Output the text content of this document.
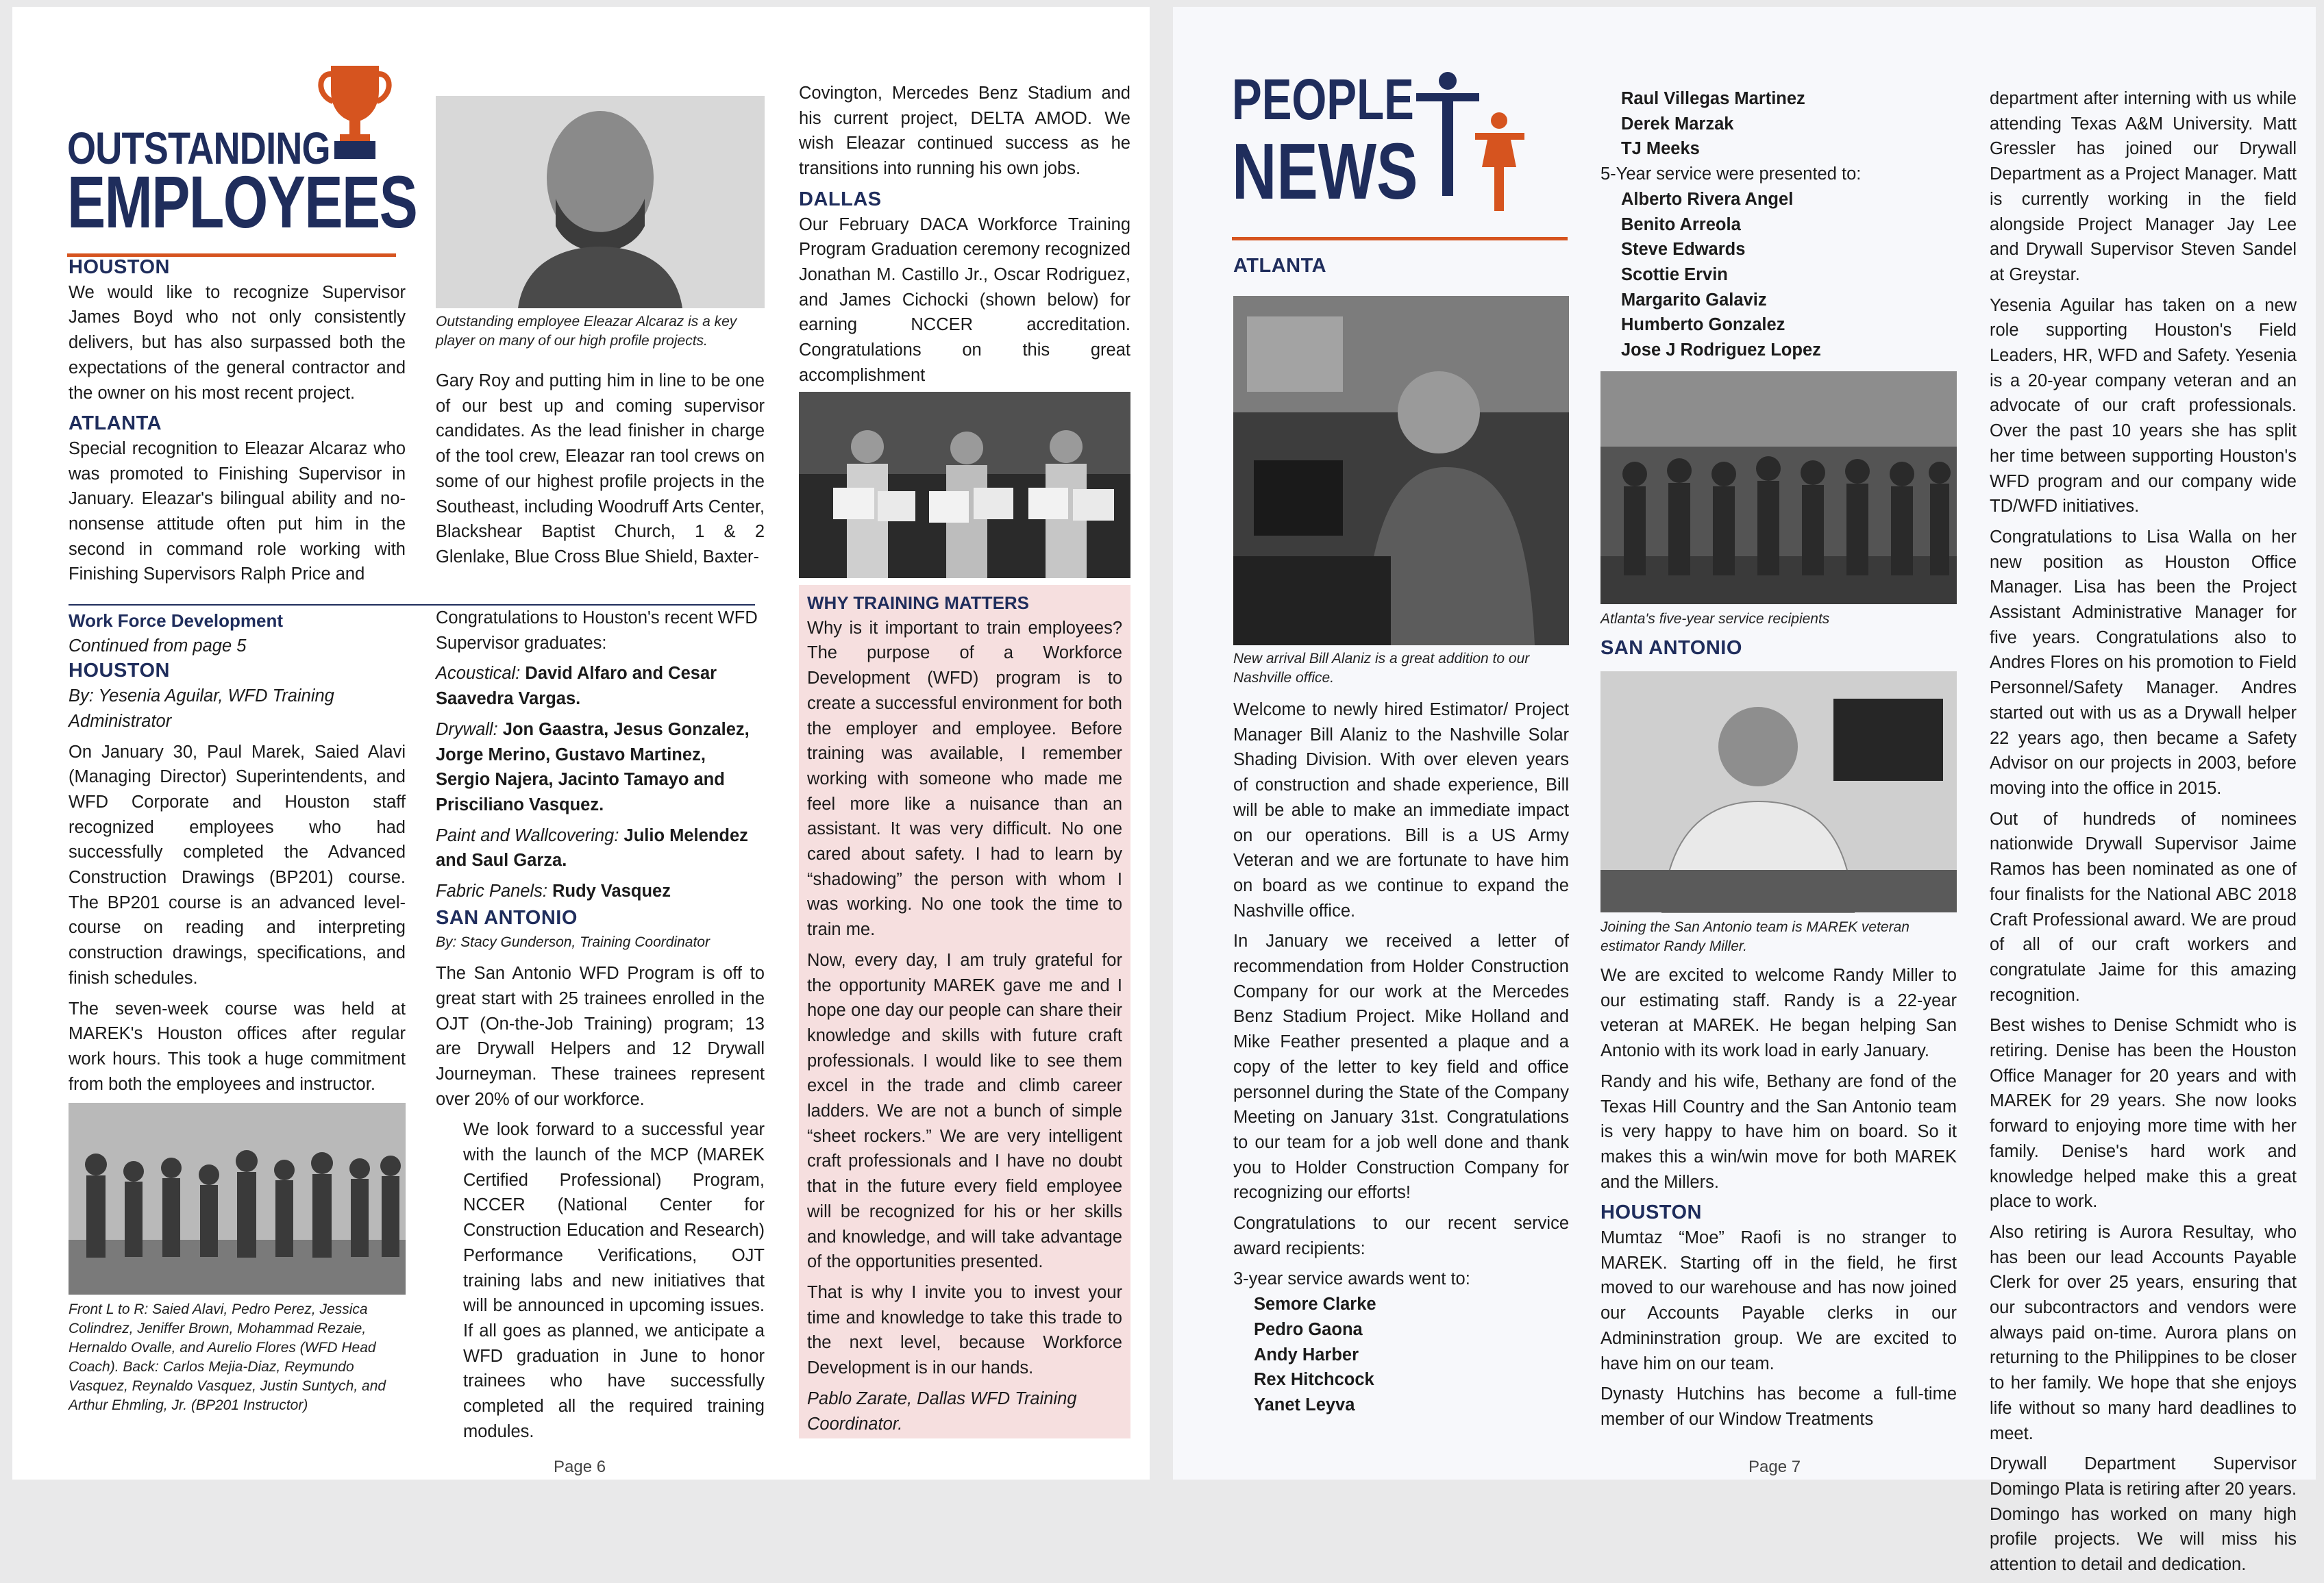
OUTSTANDING
EMPLOYEES
HOUSTON

We would like to recognize Supervisor James Boyd who not only consistently delivers, but has also surpassed both the expectations of the general contractor and the owner on his most recent project.

ATLANTA

Special recognition to Eleazar Alcaraz who was promoted to Finishing Supervisor in January. Eleazar's bilingual ability and no-nonsense attitude often put him in the second in command role working with Finishing Supervisors Ralph Price and

Outstanding employee Eleazar Alcaraz is a key player on many of our high profile projects.

Gary Roy and putting him in line to be one of our best up and coming supervisor candidates. As the lead finisher in charge of the tool crew, Eleazar ran tool crews on some of our highest profile projects in the Southeast, including Woodruff Arts Center, Blackshear Baptist Church, 1 & 2 Glenlake, Blue Cross Blue Shield, Baxter-

Work Force Development
Continued from page 5
HOUSTON

By: Yesenia Aguilar, WFD Training Administrator

On January 30, Paul Marek, Saied Alavi (Managing Director) Superintendents, and WFD Corporate and Houston staff recognized employees who had successfully completed the Advanced Construction Drawings (BP201) course. The BP201 course is an advanced level-course on reading and interpreting construction drawings, specifications, and finish schedules.

The seven-week course was held at MAREK's Houston offices after regular work hours. This took a huge commitment from both the employees and instructor.

Front L to R: Saied Alavi, Pedro Perez, Jessica Colindrez, Jeniffer Brown, Mohammad Rezaie, Hernaldo Ovalle, and Aurelio Flores (WFD Head Coach). Back: Carlos Mejia-Diaz, Reymundo Vasquez, Reynaldo Vasquez, Justin Suntych, and Arthur Ehmling, Jr. (BP201 Instructor)

Congratulations to Houston's recent WFD Supervisor graduates:

Acoustical: David Alfaro and Cesar Saavedra Vargas.

Drywall: Jon Gaastra, Jesus Gonzalez, Jorge Merino, Gustavo Martinez, Sergio Najera, Jacinto Tamayo and Prisciliano Vasquez.

Paint and Wallcovering: Julio Melendez and Saul Garza.

Fabric Panels: Rudy Vasquez

SAN ANTONIO

By: Stacy Gunderson, Training Coordinator

The San Antonio WFD Program is off to great start with 25 trainees enrolled in the OJT (On-the-Job Training) program; 13 are Drywall Helpers and 12 Drywall Journeyman. These trainees represent over 20% of our workforce.

We look forward to a successful year with the launch of the MCP (MAREK Certified Professional) Program, NCCER (National Center for Construction Education and Research) Performance Verifications, OJT training labs and new initiatives that will be announced in upcoming issues. If all goes as planned, we anticipate a WFD graduation in June to honor trainees who have successfully completed all the required training modules.

Covington, Mercedes Benz Stadium and his current project, DELTA AMOD. We wish Eleazar continued success as he transitions into running his own jobs.

DALLAS

Our February DACA Workforce Training Program Graduation ceremony recognized Jonathan M. Castillo Jr., Oscar Rodriguez, and James Cichocki (shown below) for earning NCCER accreditation. Congratulations on this great accomplishment

WHY TRAINING MATTERS

Why is it important to train employees? The purpose of a Workforce Development (WFD) program is to create a successful environment for both the employer and employee. Before training was available, I remember working with someone who made me feel more like a nuisance than an assistant. It was very difficult. No one cared about safety. I had to learn by “shadowing” the person with whom I was working. No one took the time to train me.

Now, every day, I am truly grateful for the opportunity MAREK gave me and I hope one day our people can share their knowledge and skills with future craft professionals. I would like to see them excel in the trade and climb career ladders. We are not a bunch of simple “sheet rockers.” We are very intelligent craft professionals and I have no doubt that in the future every field employee will be recognized for his or her skills and knowledge, and will take advantage of the opportunities presented.

That is why I invite you to invest your time and knowledge to take this trade to the next level, because Workforce Development is in our hands.

Pablo Zarate, Dallas WFD Training Coordinator.

Page 6
PEOPLE
NEWS
ATLANTA
New arrival Bill Alaniz is a great addition to our Nashville office.

Welcome to newly hired Estimator/ Project Manager Bill Alaniz to the Nashville Solar Shading Division. With over eleven years of construction and shade experience, Bill will be able to make an immediate impact on our operations. Bill is a US Army Veteran and we are fortunate to have him on board as we continue to expand the Nashville office.

In January we received a letter of recommendation from Holder Construction Company for our work at the Mercedes Benz Stadium Project. Mike Holland and Mike Feather presented a plaque and a copy of the letter to key field and office personnel during the State of the Company Meeting on January 31st. Congratulations to our team for a job well done and thank you to Holder Construction Company for recognizing our efforts!

Congratulations to our recent service award recipients:

3-year service awards went to:
Semore Clarke
Pedro Gaona
Andy Harber
Rex Hitchcock
Yanet Leyva
Raul Villegas Martinez
Derek Marzak
TJ Meeks
5-Year service were presented to:
Alberto Rivera Angel
Benito Arreola
Steve Edwards
Scottie Ervin
Margarito Galaviz
Humberto Gonzalez
Jose J Rodriguez Lopez
Atlanta's five-year service recipients
SAN ANTONIO
Joining the San Antonio team is MAREK veteran estimator Randy Miller.

We are excited to welcome Randy Miller to our estimating staff. Randy is a 22-year veteran at MAREK. He began helping San Antonio with its work load in early January.

Randy and his wife, Bethany are fond of the Texas Hill Country and the San Antonio team is very happy to have him on board. So it makes this a win/win move for both MAREK and the Millers.

HOUSTON

Mumtaz “Moe” Raofi is no stranger to MAREK. Starting off in the field, he first moved to our warehouse and has now joined our Accounts Payable clerks in our Admininstration group. We are excited to have him on our team.

Dynasty Hutchins has become a full-time member of our Window Treatments

department after interning with us while attending Texas A&M University. Matt Gressler has joined our Drywall Department as a Project Manager. Matt is currently working in the field alongside Project Manager Jay Lee and Drywall Supervisor Steven Sandel at Greystar.

Yesenia Aguilar has taken on a new role supporting Houston's Field Leaders, HR, WFD and Safety. Yesenia is a 20-year company veteran and an advocate of our craft professionals. Over the past 10 years she has split her time between supporting Houston's WFD program and our company wide TD/WFD initiatives.

Congratulations to Lisa Walla on her new position as Houston Office Manager. Lisa has been the Project Assistant Administrative Manager for five years. Congratulations also to Andres Flores on his promotion to Field Personnel/Safety Manager. Andres started out with us as a Drywall helper 22 years ago, then became a Safety Advisor on our projects in 2003, before moving into the office in 2015.

Out of hundreds of nominees nationwide Drywall Supervisor Jaime Ramos has been nominated as one of four finalists for the National ABC 2018 Craft Professional award. We are proud of all of our craft workers and congratulate Jaime for this amazing recognition.

Best wishes to Denise Schmidt who is retiring. Denise has been the Houston Office Manager for 20 years and with MAREK for 29 years. She now looks forward to enjoying more time with her family. Denise's hard work and knowledge helped make this a great place to work.

Also retiring is Aurora Resultay, who has been our lead Accounts Payable Clerk for over 25 years, ensuring that our subcontractors and vendors were always paid on-time. Aurora plans on returning to the Philippines to be closer to her family. We hope that she enjoys life without so many hard deadlines to meet.

Drywall Department Supervisor Domingo Plata is retiring after 20 years. Domingo has worked on many high profile projects. We will miss his attention to detail and dedication.

Page 7
